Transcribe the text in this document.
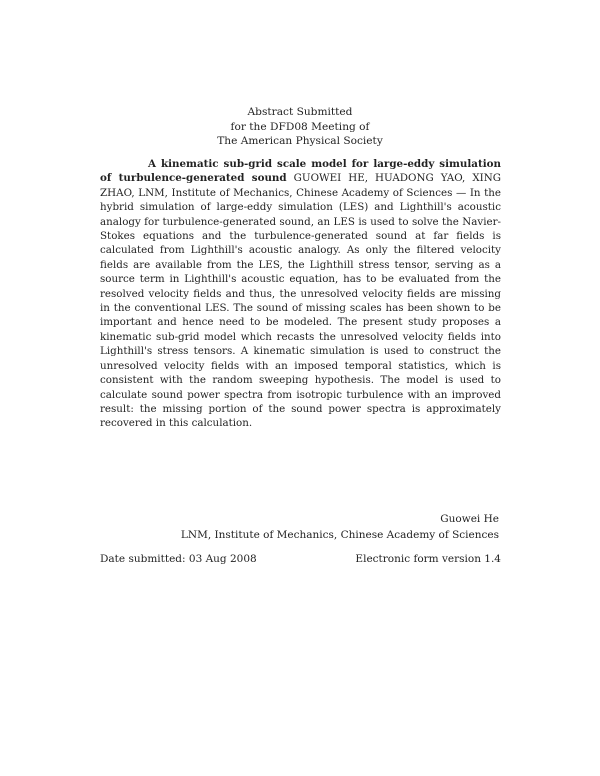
Abstract Submitted
for the DFD08 Meeting of
The American Physical Society

A kinematic sub-grid scale model for large-eddy simulation of turbulence-generated sound GUOWEI HE, HUADONG YAO, XING ZHAO, LNM, Institute of Mechanics, Chinese Academy of Sciences — In the hybrid simulation of large-eddy simulation (LES) and Lighthill's acoustic analogy for turbulence-generated sound, an LES is used to solve the Navier-Stokes equations and the turbulence-generated sound at far fields is calculated from Lighthill's acoustic analogy. As only the filtered velocity fields are available from the LES, the Lighthill stress tensor, serving as a source term in Lighthill's acoustic equation, has to be evaluated from the resolved velocity fields and thus, the unresolved velocity fields are missing in the conventional LES. The sound of missing scales has been shown to be important and hence need to be modeled. The present study proposes a kinematic sub-grid model which recasts the unresolved velocity fields into Lighthill's stress tensors. A kinematic simulation is used to construct the unresolved velocity fields with an imposed temporal statistics, which is consistent with the random sweeping hypothesis. The model is used to calculate sound power spectra from isotropic turbulence with an improved result: the missing portion of the sound power spectra is approximately recovered in this calculation.

Guowei He
LNM, Institute of Mechanics, Chinese Academy of Sciences
Date submitted: 03 Aug 2008	Electronic form version 1.4
